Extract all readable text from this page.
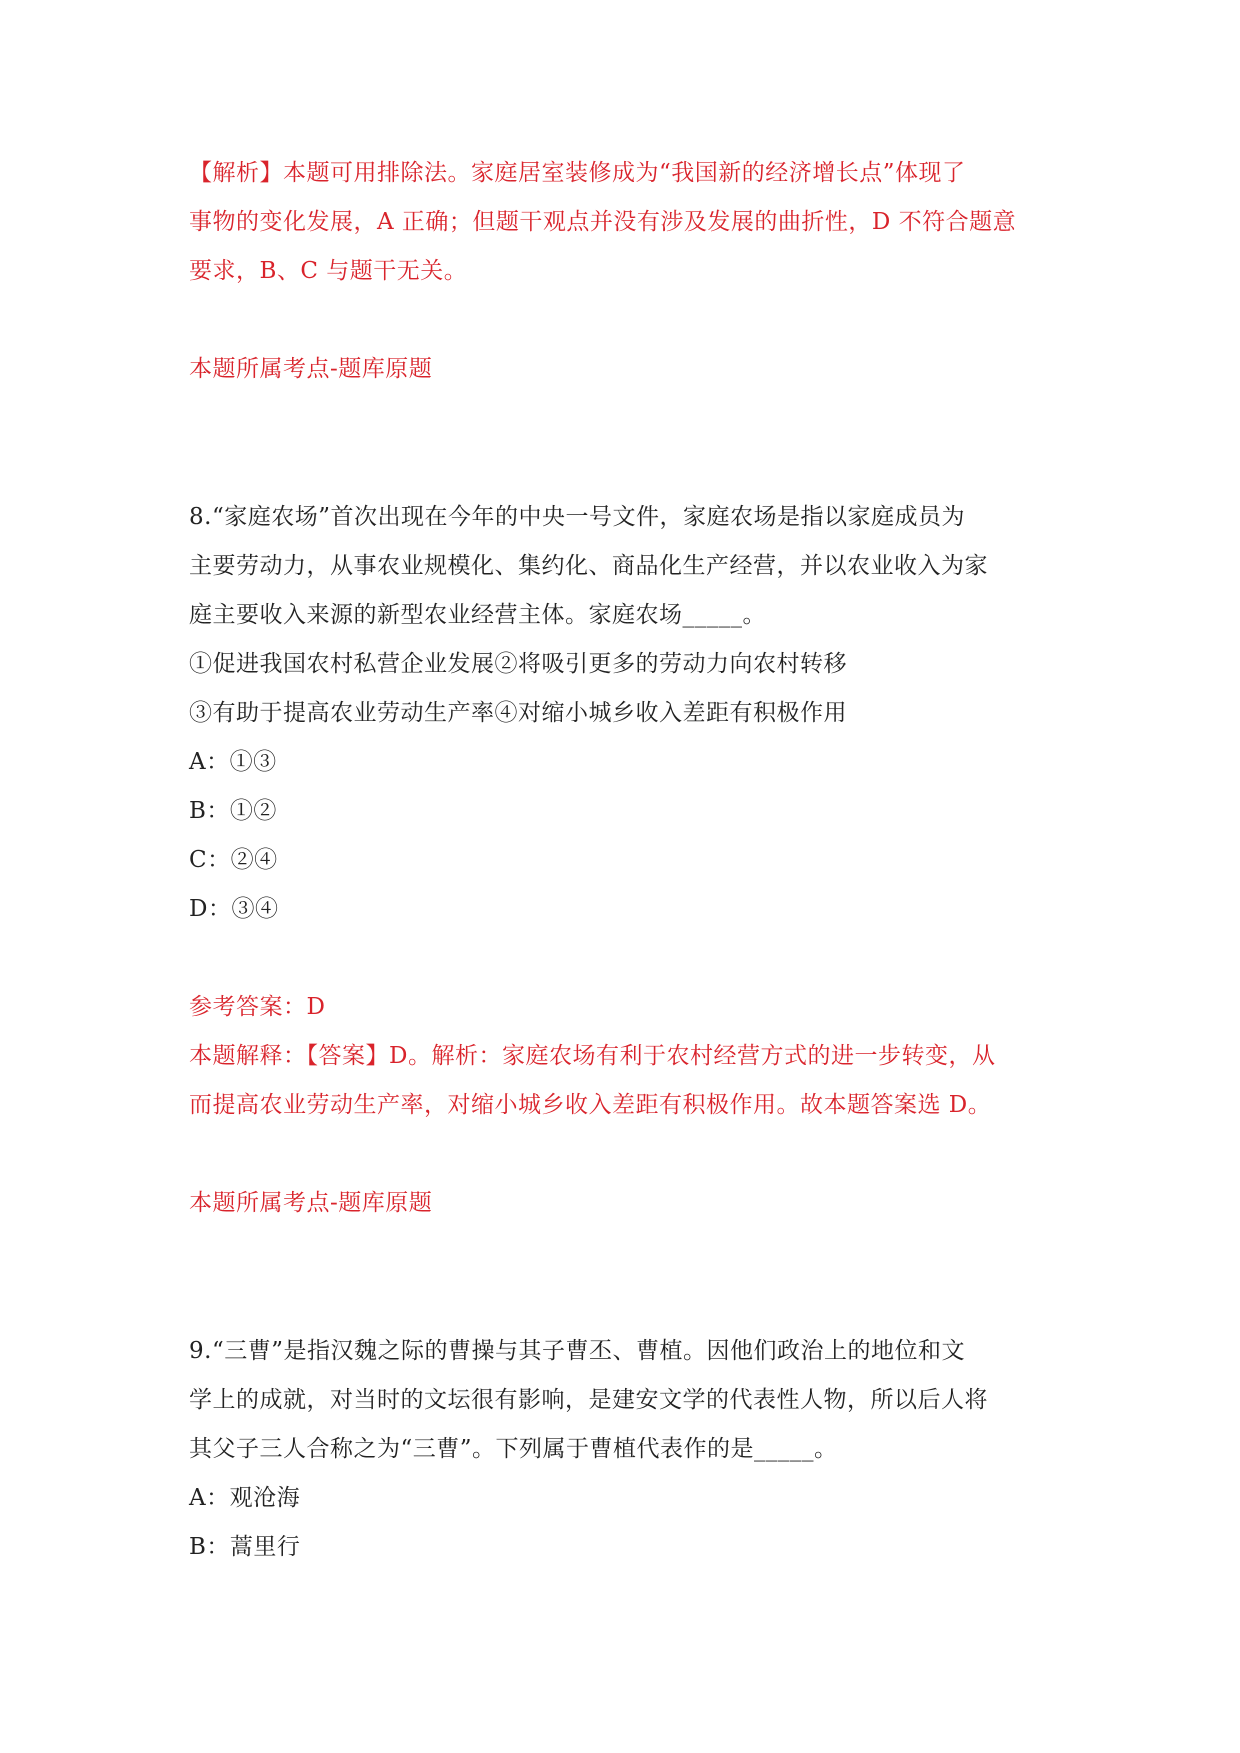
【解析】本题可用排除法。家庭居室装修成为“我国新的经济增长点”体现了
事物的变化发展，A 正确；但题干观点并没有涉及发展的曲折性，D 不符合题意
要求，B、C 与题干无关。
本题所属考点-题库原题
8.“家庭农场”首次出现在今年的中央一号文件，家庭农场是指以家庭成员为
主要劳动力，从事农业规模化、集约化、商品化生产经营，并以农业收入为家
庭主要收入来源的新型农业经营主体。家庭农场_____。
①促进我国农村私营企业发展②将吸引更多的劳动力向农村转移
③有助于提高农业劳动生产率④对缩小城乡收入差距有积极作用
A：①③
B：①②
C：②④
D：③④
参考答案：D
本题解释：【答案】D。解析：家庭农场有利于农村经营方式的进一步转变，从
而提高农业劳动生产率，对缩小城乡收入差距有积极作用。故本题答案选 D。
本题所属考点-题库原题
9.“三曹”是指汉魏之际的曹操与其子曹丕、曹植。因他们政治上的地位和文
学上的成就，对当时的文坛很有影响，是建安文学的代表性人物，所以后人将
其父子三人合称之为“三曹”。下列属于曹植代表作的是_____。
A：观沧海
B：蒿里行
